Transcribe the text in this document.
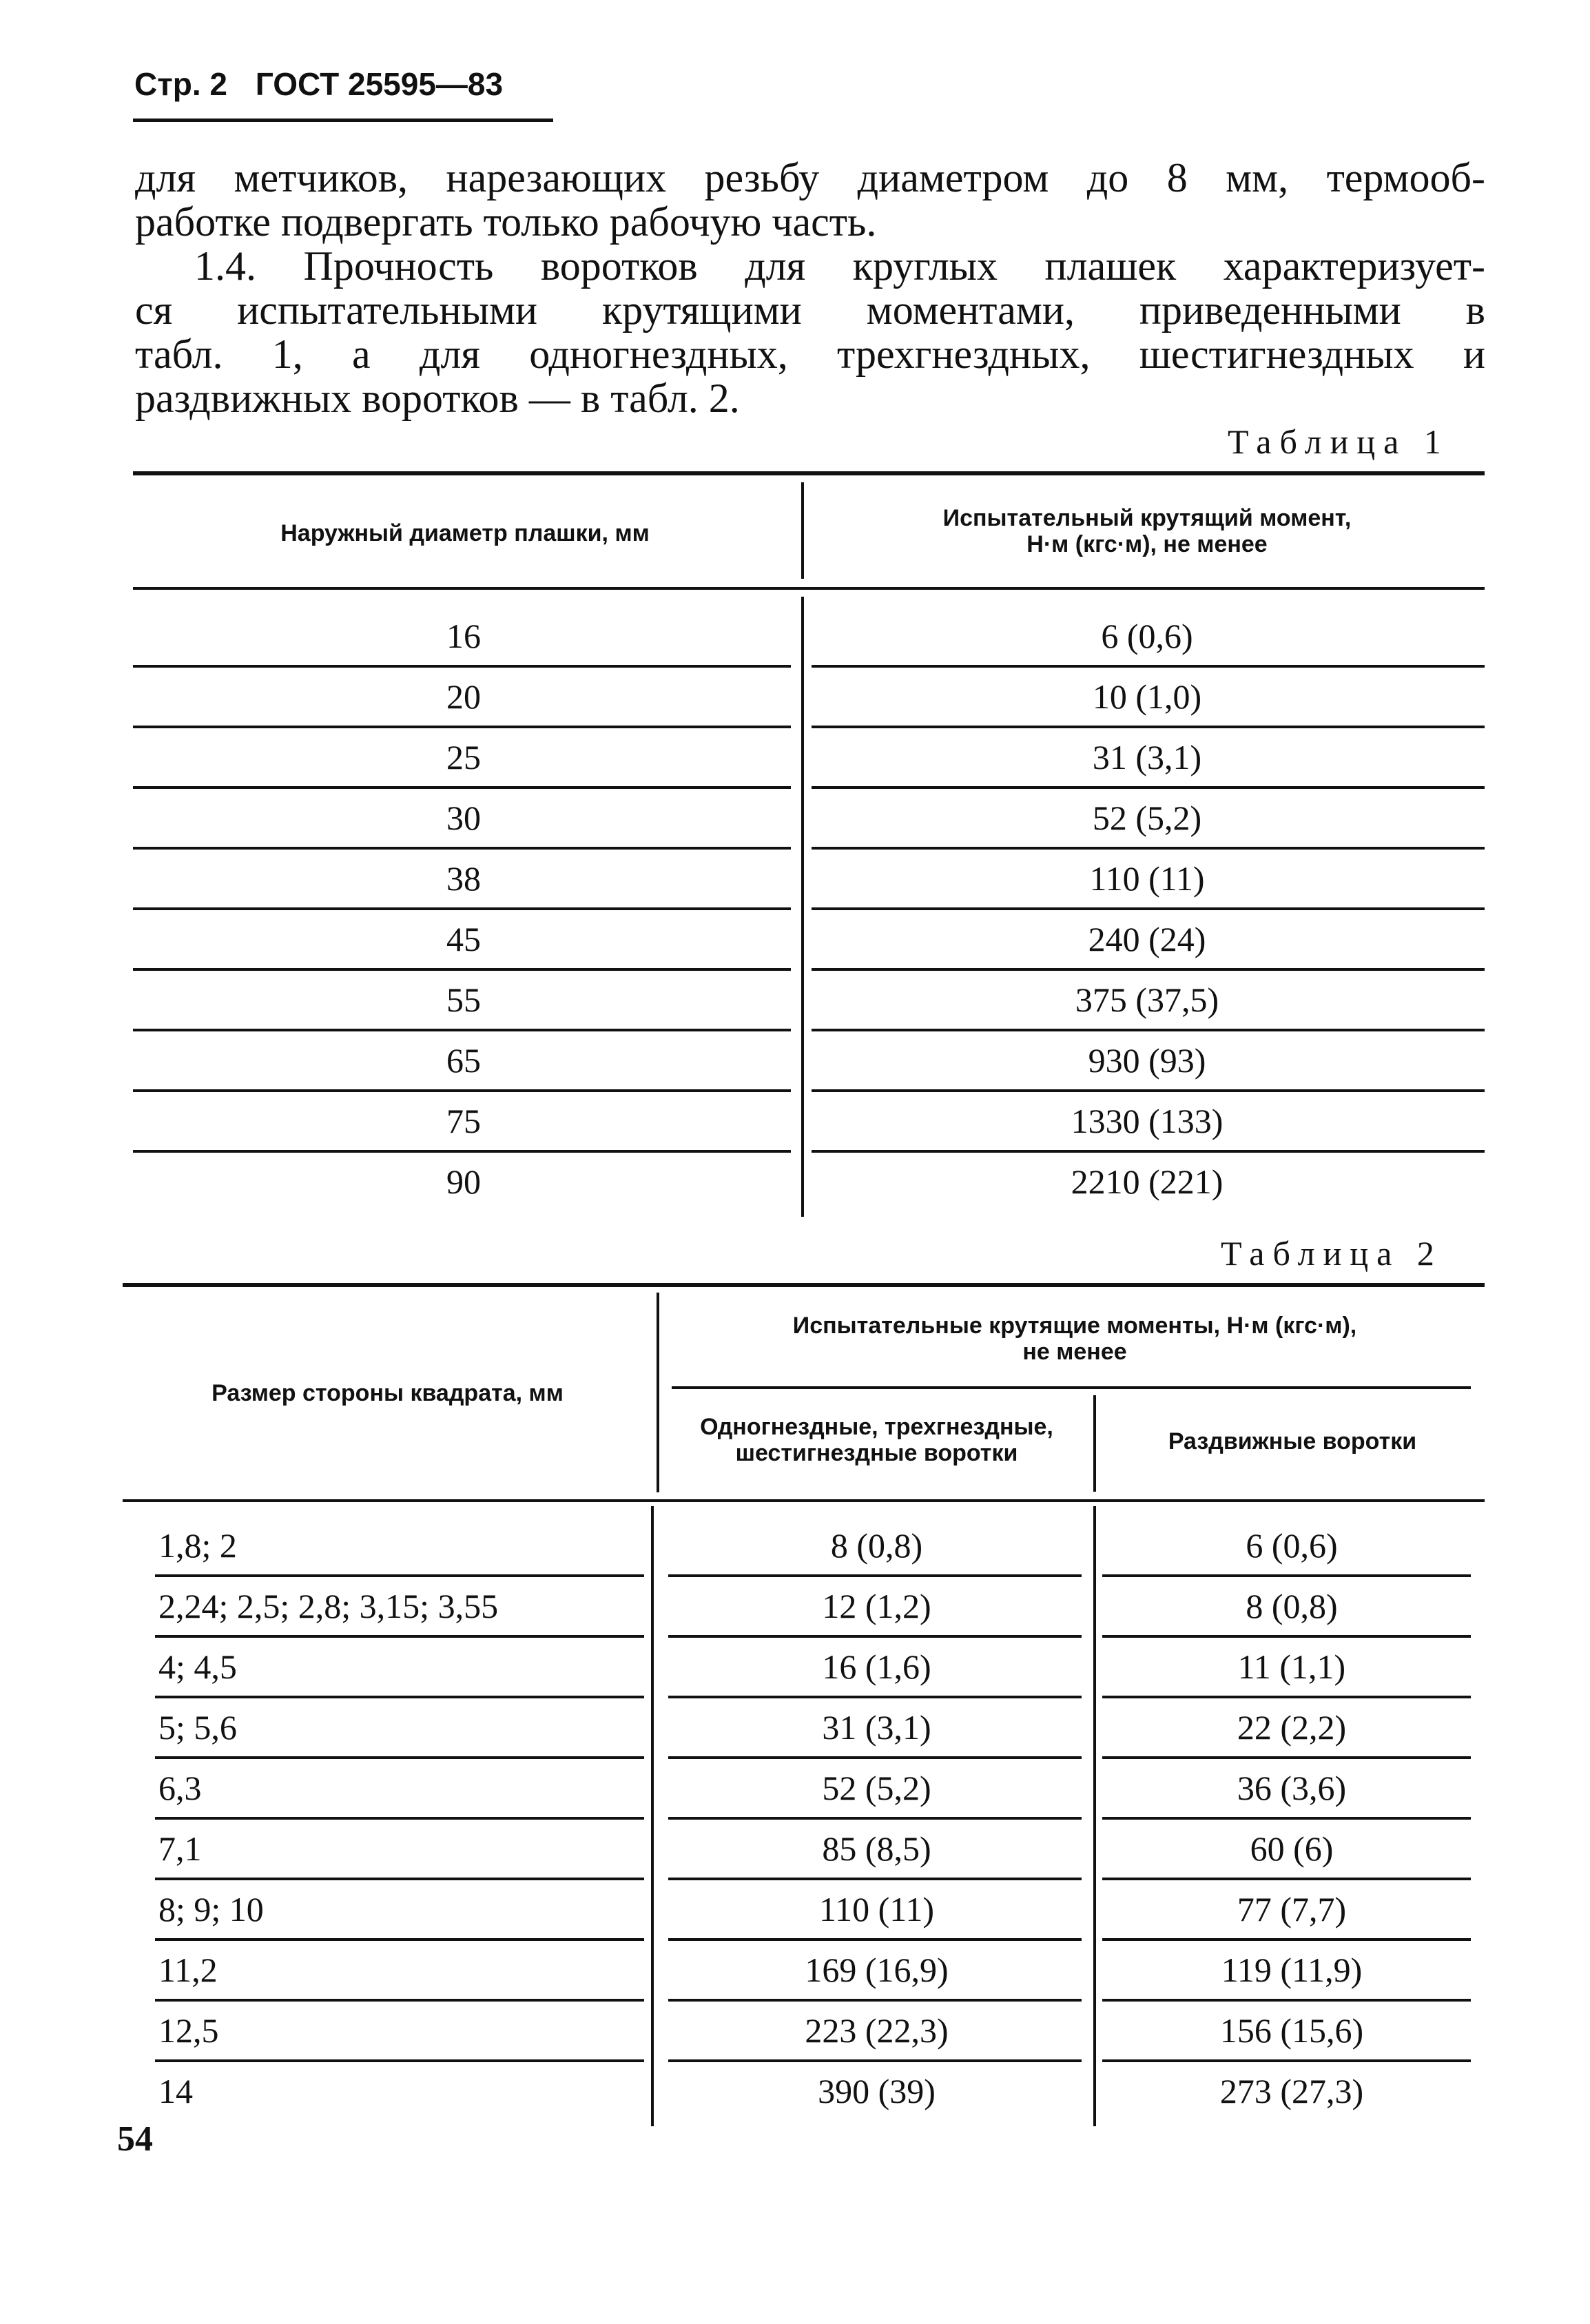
Стр. 2 ГОСТ 25595—83
для метчиков, нарезающих резьбу диаметром до 8 мм, термооб-
работке подвергать только рабочую часть.
1.4. Прочность воротков для круглых плашек характеризует-
ся испытательными крутящими моментами, приведенными в
табл. 1, а для одногнездных, трехгнездных, шестигнездных и
раздвижных воротков — в табл. 2.
Таблица 1
Наружный диаметр плашки, мм
Испытательный крутящий момент,
Н·м (кгс·м), не менее
16	6 (0,6)
20	10 (1,0)
25	31 (3,1)
30	52 (5,2)
38	110 (11)
45	240 (24)
55	375 (37,5)
65	930 (93)
75	1330 (133)
90	2210 (221)
Таблица 2
Размер стороны квадрата, мм
Испытательные крутящие моменты, Н·м (кгс·м),
не менее
Одногнездные, трехгнездные,
шестигнездные воротки	Раздвижные воротки
1,8; 2	8 (0,8)	6 (0,6)
2,24; 2,5; 2,8; 3,15; 3,55	12 (1,2)	8 (0,8)
4; 4,5	16 (1,6)	11 (1,1)
5; 5,6	31 (3,1)	22 (2,2)
6,3	52 (5,2)	36 (3,6)
7,1	85 (8,5)	60 (6)
8; 9; 10	110 (11)	77 (7,7)
11,2	169 (16,9)	119 (11,9)
12,5	223 (22,3)	156 (15,6)
14	390 (39)	273 (27,3)
54
